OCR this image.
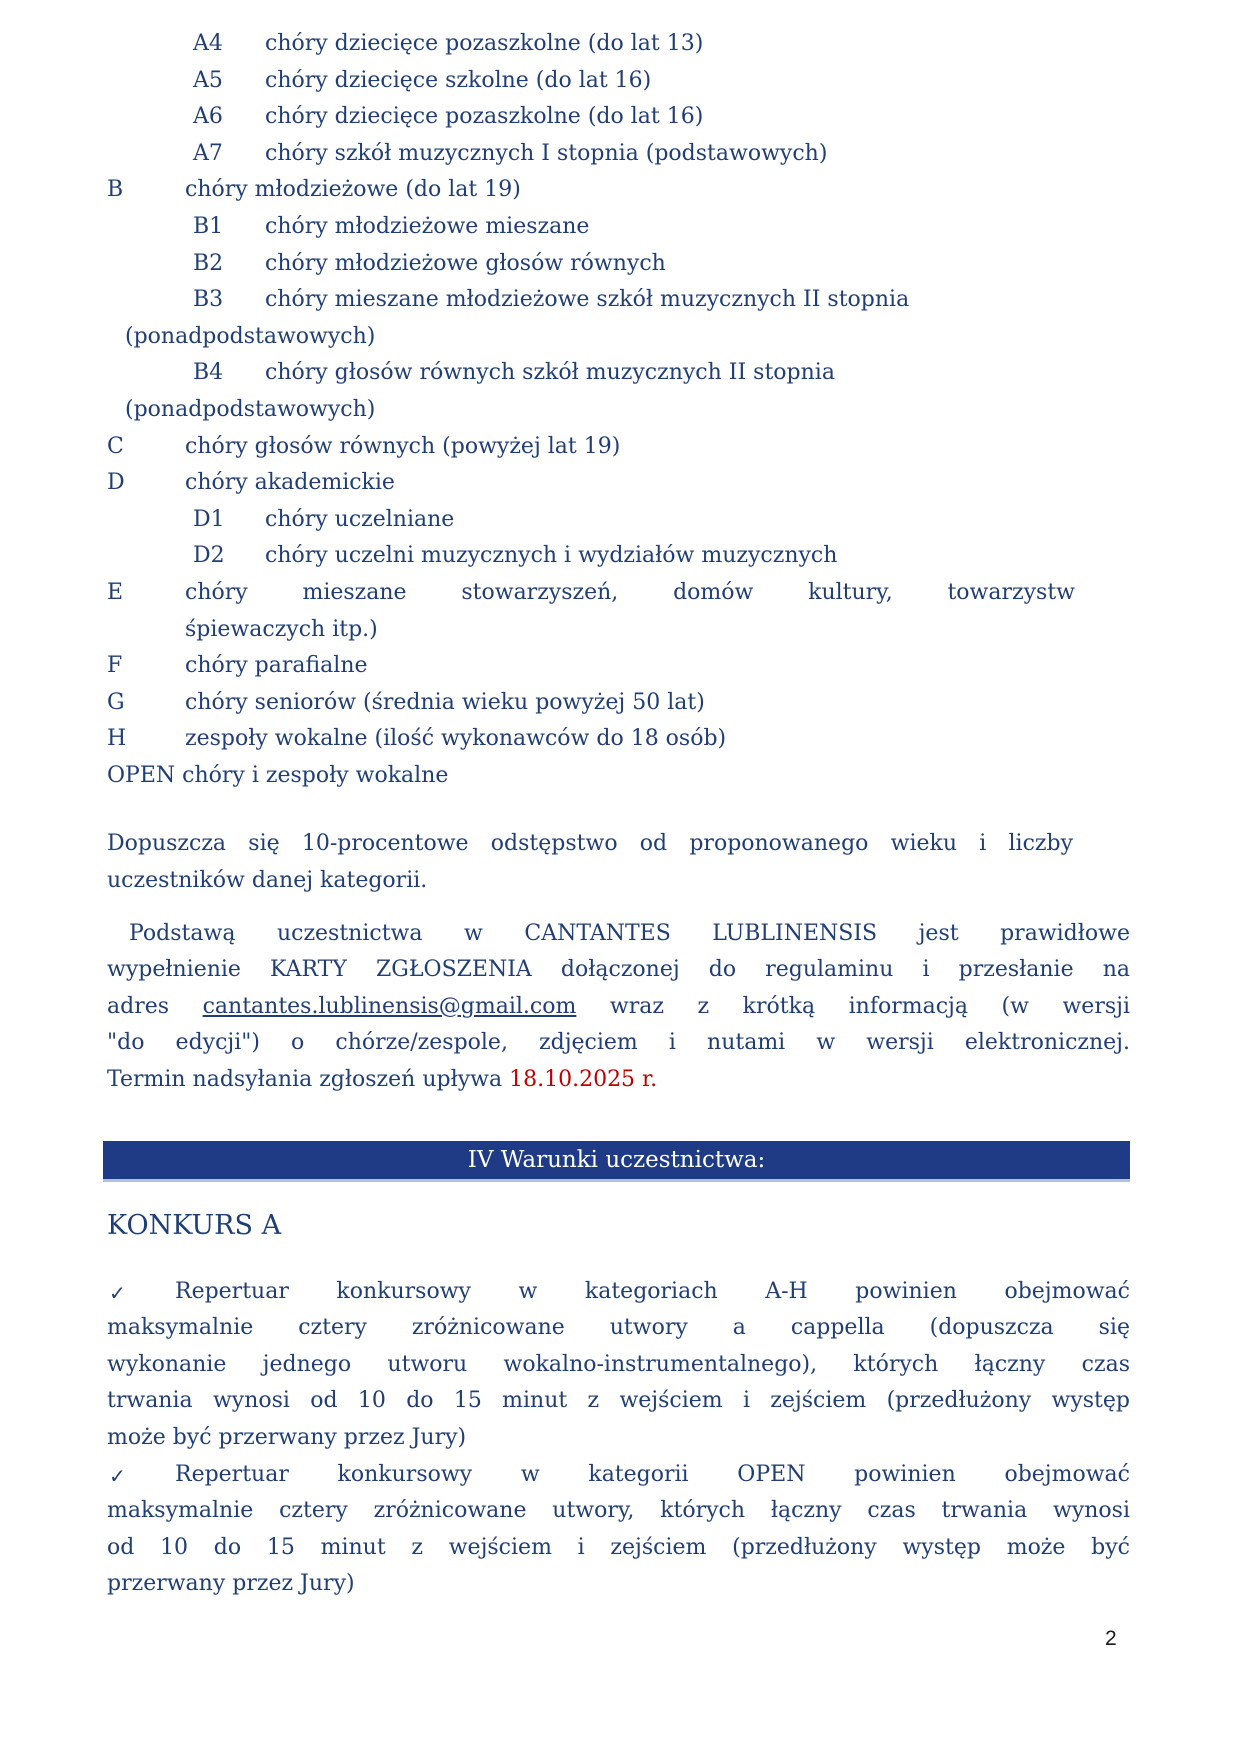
A4 chóry dziecięce pozaszkolne (do lat 13)
A5 chóry dziecięce szkolne (do lat 16)
A6 chóry dziecięce pozaszkolne (do lat 16)
A7 chóry szkół muzycznych I stopnia (podstawowych)
B	chóry młodzieżowe (do lat 19)
B1 chóry młodzieżowe mieszane
B2 chóry młodzieżowe głosów równych
B3 chóry mieszane młodzieżowe szkół muzycznych II stopnia
(ponadpodstawowych)
B4 chóry głosów równych szkół muzycznych II stopnia
(ponadpodstawowych)
C	chóry głosów równych (powyżej lat 19)
D	chóry akademickie
D1 chóry uczelniane
D2 chóry uczelni muzycznych i wydziałów muzycznych
E	chóry mieszane stowarzyszeń, domów kultury, towarzystw
śpiewaczych itp.)
F	chóry parafialne
G	chóry seniorów (średnia wieku powyżej 50 lat)
H	zespoły wokalne (ilość wykonawców do 18 osób)
OPEN chóry i zespoły wokalne
Dopuszcza się 10-procentowe odstępstwo od proponowanego wieku i liczby
uczestników danej kategorii.
Podstawą uczestnictwa w CANTANTES LUBLINENSIS jest prawidłowe
wypełnienie KARTY ZGŁOSZENIA dołączonej do regulaminu i przesłanie na
adres cantantes.lublinensis@gmail.com wraz z krótką informacją (w wersji
"do edycji") o chórze/zespole, zdjęciem i nutami w wersji elektronicznej.
Termin nadsyłania zgłoszeń upływa 18.10.2025 r.
IV Warunki uczestnictwa:
KONKURS A
✓ Repertuar konkursowy w kategoriach A-H powinien obejmować
maksymalnie cztery zróżnicowane utwory a cappella (dopuszcza się
wykonanie jednego utworu wokalno-instrumentalnego), których łączny czas
trwania wynosi od 10 do 15 minut z wejściem i zejściem (przedłużony występ
może być przerwany przez Jury)
✓ Repertuar konkursowy w kategorii OPEN powinien obejmować
maksymalnie cztery zróżnicowane utwory, których łączny czas trwania wynosi
od 10 do 15 minut z wejściem i zejściem (przedłużony występ może być
przerwany przez Jury)
2
